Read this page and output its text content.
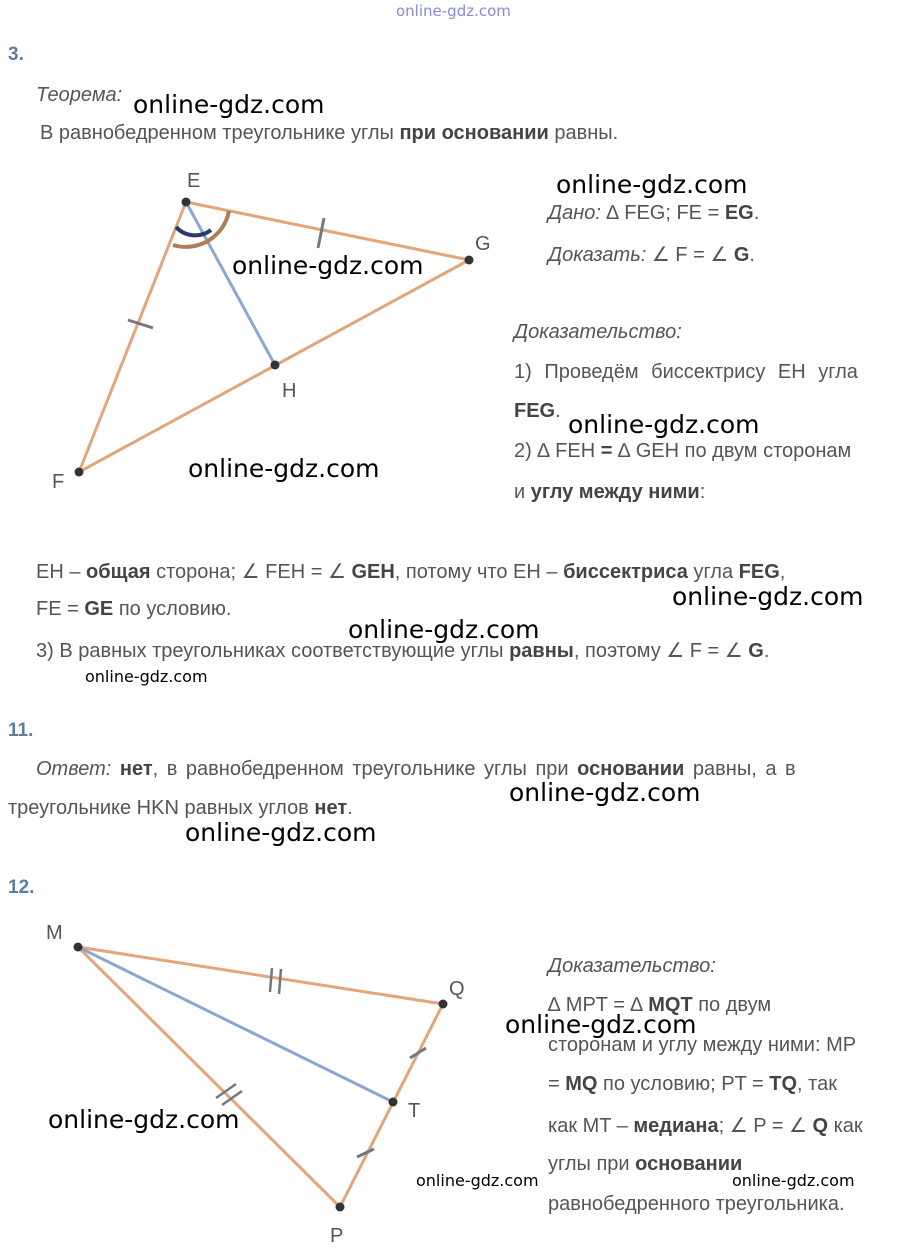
online-gdz.com
3.
Теорема:
В равнобедренном треугольнике углы при основании равны.
E
G
H
F
Дано: ∆ FEG; FE = EG.
Доказать: ∠ F = ∠ G.
Доказательство:
1) Проведём биссектрису EH угла
FEG.
2) ∆ FEH = ∆ GEH по двум сторонам
и углу между ними:
EH – общая сторона; ∠ FEH = ∠ GEH, потому что EH – биссектриса угла FEG,
FE = GE по условию.
3) В равных треугольниках соответствующие углы равны, поэтому ∠ F = ∠ G.
11.
Ответ: нет, в равнобедренном треугольнике углы при основании равны, а в
треугольнике HKN равных углов нет.
12.
M
Q
T
P
Доказательство:
∆ MPT = ∆ MQT по двум
сторонам и углу между ними: MP
= MQ по условию; PT = TQ, так
как MT – медиана; ∠ P = ∠ Q как
углы при основании
равнобедренного треугольника.
online-gdz.com
online-gdz.com
online-gdz.com
online-gdz.com
online-gdz.com
online-gdz.com
online-gdz.com
online-gdz.com
online-gdz.com
online-gdz.com
online-gdz.com
online-gdz.com
online-gdz.com	online-gdz.com
